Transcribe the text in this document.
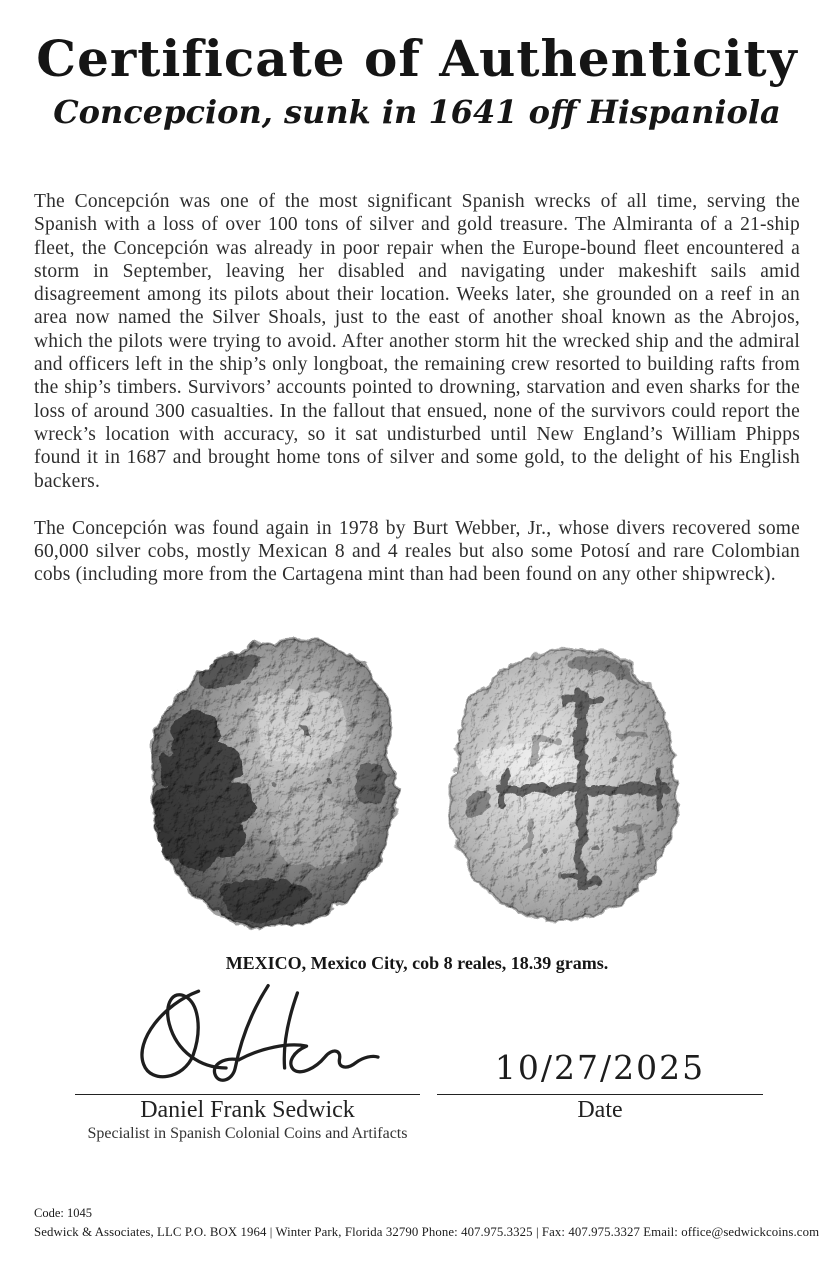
Certificate of Authenticity
Concepcion, sunk in 1641 off Hispaniola

The Concepción was one of the most significant Spanish wrecks of all time, serving the Spanish with a loss of over 100 tons of silver and gold treasure. The Almiranta of a 21-ship fleet, the Concepción was already in poor repair when the Europe-bound fleet encountered a storm in September, leaving her disabled and navigating under makeshift sails amid disagreement among its pilots about their location. Weeks later, she grounded on a reef in an area now named the Silver Shoals, just to the east of another shoal known as the Abrojos, which the pilots were trying to avoid. After another storm hit the wrecked ship and the admiral and officers left in the ship’s only longboat, the remaining crew resorted to building rafts from the ship’s timbers. Survivors’ accounts pointed to drowning, starvation and even sharks for the loss of around 300 casualties. In the fallout that ensued, none of the survivors could report the wreck’s location with accuracy, so it sat undisturbed until New England’s William Phipps found it in 1687 and brought home tons of silver and some gold, to the delight of his English backers.

The Concepción was found again in 1978 by Burt Webber, Jr., whose divers recovered some 60,000 silver cobs, mostly Mexican 8 and 4 reales but also some Potosí and rare Colombian cobs (including more from the Cartagena mint than had been found on any other shipwreck).

MEXICO, Mexico City, cob 8 reales, 18.39 grams.

Daniel Frank Sedwick
Specialist in Spanish Colonial Coins and Artifacts
10/27/2025
Date
Code: 1045
Sedwick & Associates, LLC P.O. BOX 1964 | Winter Park, Florida 32790 Phone: 407.975.3325 | Fax: 407.975.3327 Email: office@sedwickcoins.com
